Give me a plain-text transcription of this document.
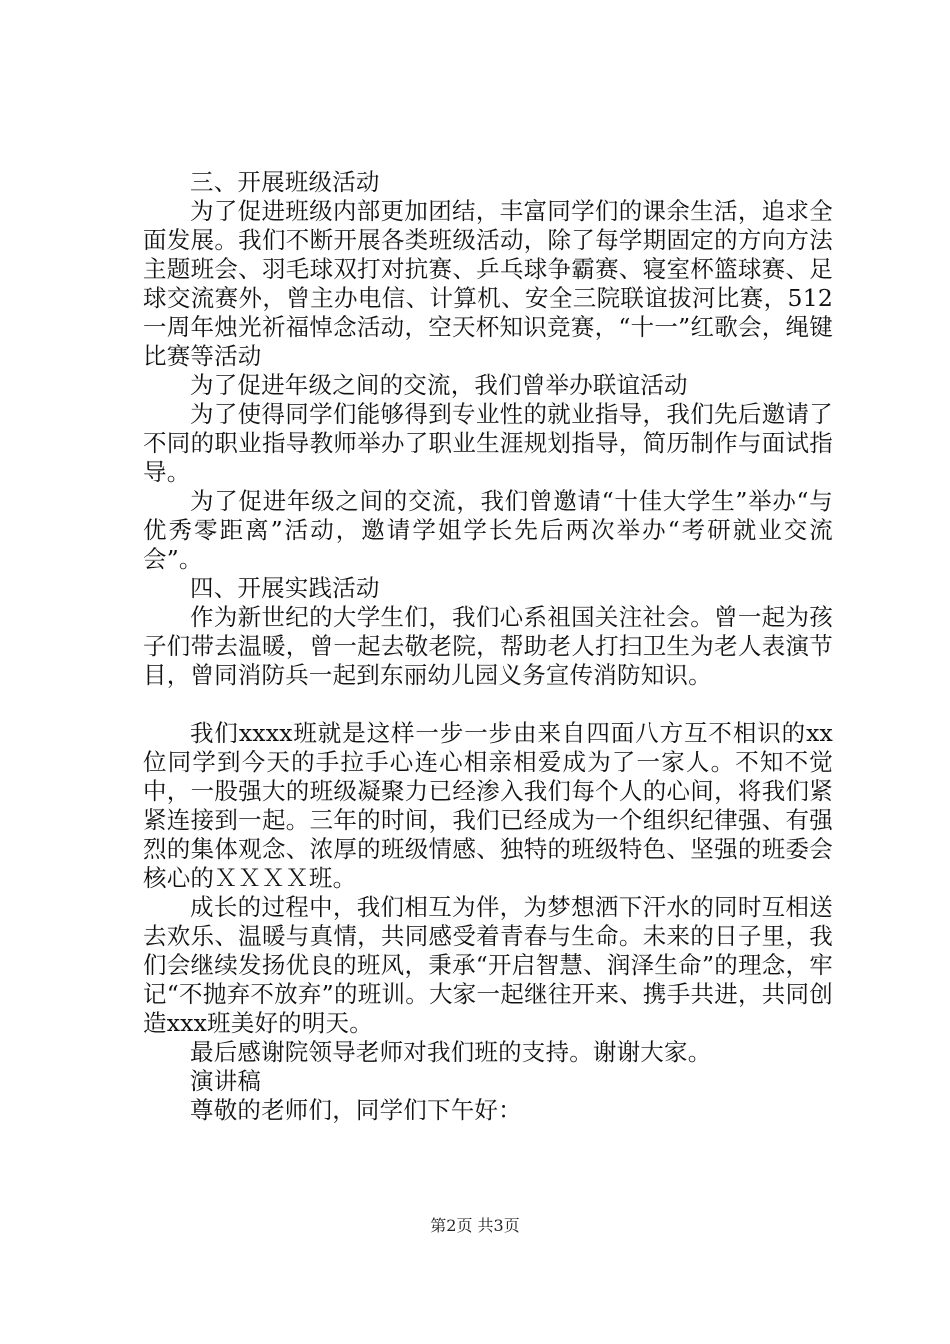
三、开展班级活动

为了促进班级内部更加团结，丰富同学们的课余生活，追求全面发展。我们不断开展各类班级活动，除了每学期固定的方向方法主题班会、羽毛球双打对抗赛、乒乓球争霸赛、寝室杯篮球赛、足球交流赛外，曾主办电信、计算机、安全三院联谊拔河比赛，512一周年烛光祈福悼念活动，空天杯知识竞赛，“十一”红歌会，绳键比赛等活动

为了促进年级之间的交流，我们曾举办联谊活动

为了使得同学们能够得到专业性的就业指导，我们先后邀请了不同的职业指导教师举办了职业生涯规划指导，简历制作与面试指导。

为了促进年级之间的交流，我们曾邀请“十佳大学生”举办“与优秀零距离”活动，邀请学姐学长先后两次举办“考研就业交流会”。

四、开展实践活动

作为新世纪的大学生们，我们心系祖国关注社会。曾一起为孩子们带去温暖，曾一起去敬老院，帮助老人打扫卫生为老人表演节目，曾同消防兵一起到东丽幼儿园义务宣传消防知识。

我们xxxx班就是这样一步一步由来自四面八方互不相识的xx位同学到今天的手拉手心连心相亲相爱成为了一家人。不知不觉中，一股强大的班级凝聚力已经渗入我们每个人的心间，将我们紧紧连接到一起。三年的时间，我们已经成为一个组织纪律强、有强烈的集体观念、浓厚的班级情感、独特的班级特色、坚强的班委会核心的ＸＸＸＸ班。

成长的过程中，我们相互为伴，为梦想洒下汗水的同时互相送去欢乐、温暖与真情，共同感受着青春与生命。未来的日子里，我们会继续发扬优良的班风，秉承“开启智慧、润泽生命”的理念，牢记“不抛弃不放弃”的班训。大家一起继往开来、携手共进，共同创造xxx班美好的明天。

最后感谢院领导老师对我们班的支持。谢谢大家。

演讲稿

尊敬的老师们，同学们下午好：

第2页 共3页
